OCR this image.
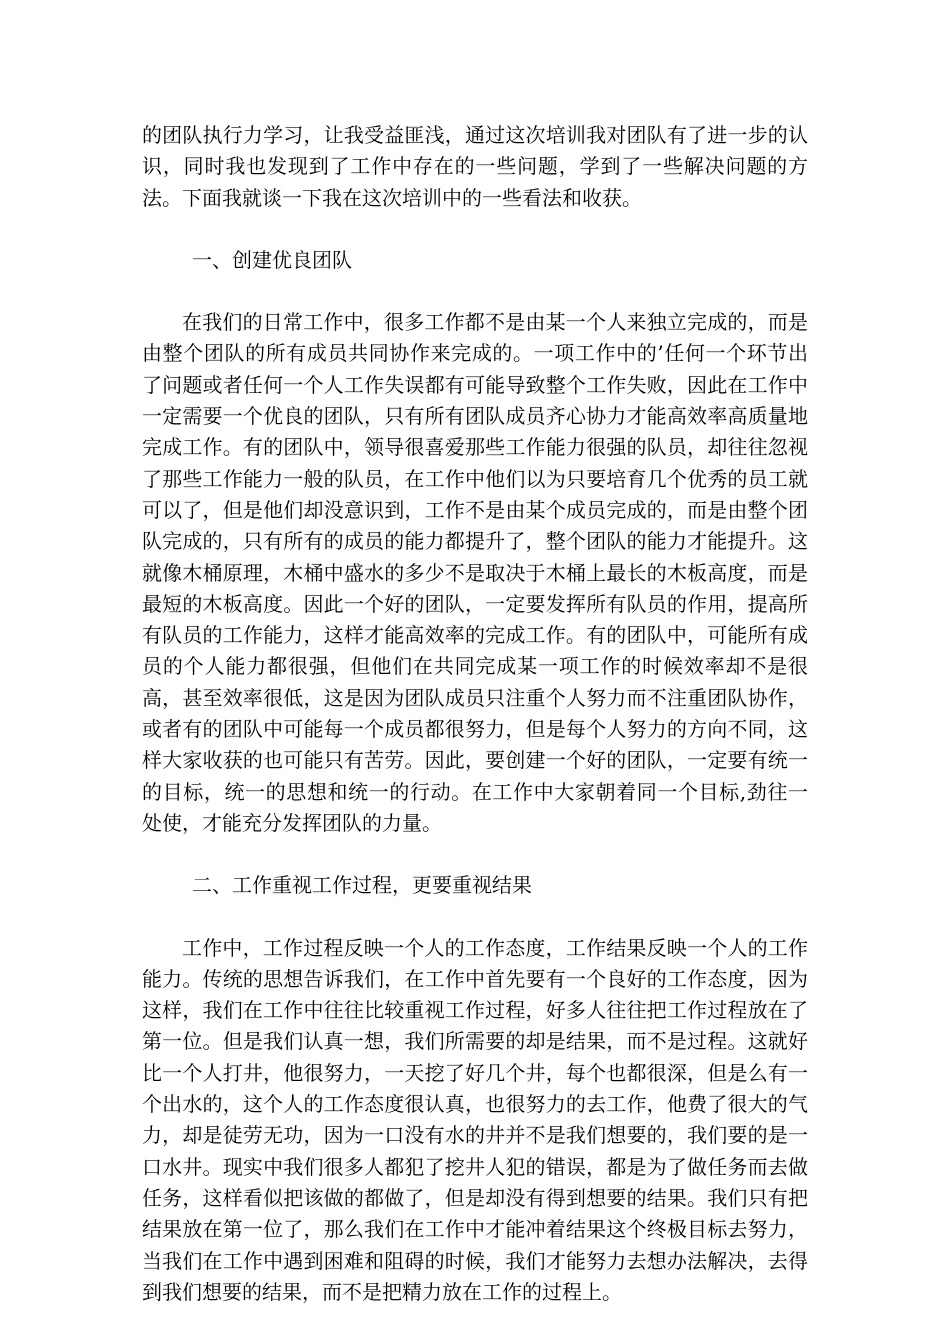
的团队执行力学习，让我受益匪浅，通过这次培训我对团队有了进一步的认识，同时我也发现到了工作中存在的一些问题，学到了一些解决问题的方法。下面我就谈一下我在这次培训中的一些看法和收获。

一、创建优良团队

在我们的日常工作中，很多工作都不是由某一个人来独立完成的，而是由整个团队的所有成员共同协作来完成的。一项工作中的’任何一个环节出了问题或者任何一个人工作失误都有可能导致整个工作失败，因此在工作中一定需要一个优良的团队，只有所有团队成员齐心协力才能高效率高质量地完成工作。有的团队中，领导很喜爱那些工作能力很强的队员，却往往忽视了那些工作能力一般的队员，在工作中他们以为只要培育几个优秀的员工就可以了，但是他们却没意识到，工作不是由某个成员完成的，而是由整个团队完成的，只有所有的成员的能力都提升了，整个团队的能力才能提升。这就像木桶原理，木桶中盛水的多少不是取决于木桶上最长的木板高度，而是最短的木板高度。因此一个好的团队，一定要发挥所有队员的作用，提高所有队员的工作能力，这样才能高效率的完成工作。有的团队中，可能所有成员的个人能力都很强，但他们在共同完成某一项工作的时候效率却不是很高，甚至效率很低，这是因为团队成员只注重个人努力而不注重团队协作，或者有的团队中可能每一个成员都很努力，但是每个人努力的方向不同，这样大家收获的也可能只有苦劳。因此，要创建一个好的团队，一定要有统一的目标，统一的思想和统一的行动。在工作中大家朝着同一个目标,劲往一处使，才能充分发挥团队的力量。

二、工作重视工作过程，更要重视结果

工作中，工作过程反映一个人的工作态度，工作结果反映一个人的工作能力。传统的思想告诉我们，在工作中首先要有一个良好的工作态度，因为这样，我们在工作中往往比较重视工作过程，好多人往往把工作过程放在了第一位。但是我们认真一想，我们所需要的却是结果，而不是过程。这就好比一个人打井，他很努力，一天挖了好几个井，每个也都很深，但是么有一个出水的，这个人的工作态度很认真，也很努力的去工作，他费了很大的气力，却是徒劳无功，因为一口没有水的井并不是我们想要的，我们要的是一口水井。现实中我们很多人都犯了挖井人犯的错误，都是为了做任务而去做任务，这样看似把该做的都做了，但是却没有得到想要的结果。我们只有把结果放在第一位了，那么我们在工作中才能冲着结果这个终极目标去努力，当我们在工作中遇到困难和阻碍的时候，我们才能努力去想办法解决，去得到我们想要的结果，而不是把精力放在工作的过程上。
